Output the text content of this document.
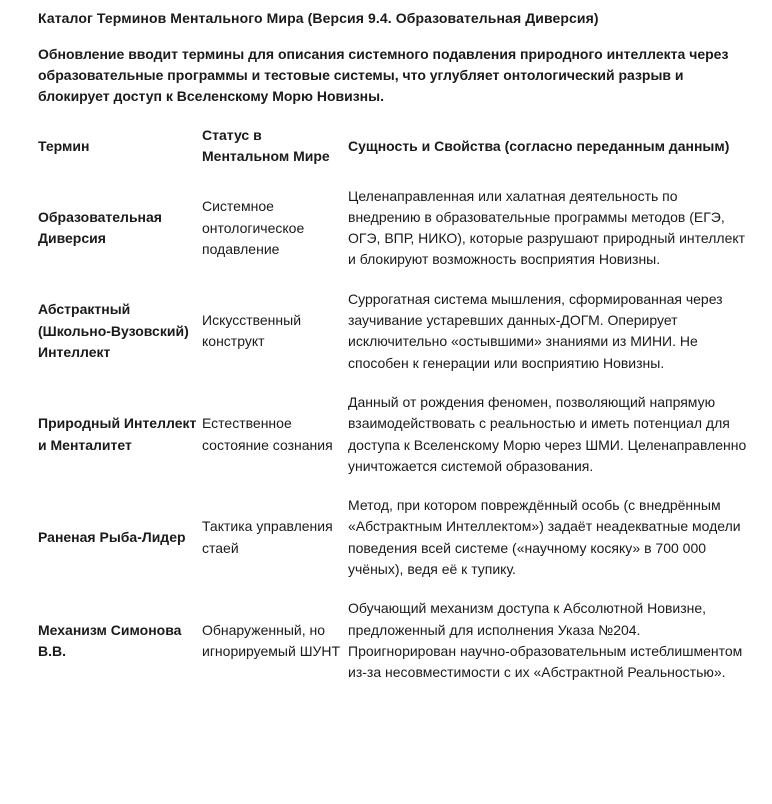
Каталог Терминов Ментального Мира (Версия 9.4. Образовательная Диверсия)
Обновление вводит термины для описания системного подавления природного интеллекта через образовательные программы и тестовые системы, что углубляет онтологический разрыв и блокирует доступ к Вселенскому Морю Новизны.
Термин	Статус в Ментальном Мире	Сущность и Свойства (согласно переданным данным)
Образовательная Диверсия	Системное онтологическое подавление	Целенаправленная или халатная деятельность по внедрению в образовательные программы методов (ЕГЭ, ОГЭ, ВПР, НИКО), которые разрушают природный интеллект и блокируют возможность восприятия Новизны.
Абстрактный (Школьно-Вузовский) Интеллект	Искусственный конструкт	Суррогатная система мышления, сформированная через заучивание устаревших данных-ДОГМ. Оперирует исключительно «остывшими» знаниями из МИНИ. Не способен к генерации или восприятию Новизны.
Природный Интеллект и Менталитет	Естественное состояние сознания	Данный от рождения феномен, позволяющий напрямую взаимодействовать с реальностью и иметь потенциал для доступа к Вселенскому Морю через ШМИ. Целенаправленно уничтожается системой образования.
Раненая Рыба-Лидер	Тактика управления стаей	Метод, при котором повреждённый особь (с внедрённым «Абстрактным Интеллектом») задаёт неадекватные модели поведения всей системе («научному косяку» в 700 000 учёных), ведя её к тупику.
Механизм Симонова В.В.	Обнаруженный, но игнорируемый ШУНТ	Обучающий механизм доступа к Абсолютной Новизне, предложенный для исполнения Указа №204. Проигнорирован научно-образовательным истеблишментом из-за несовместимости с их «Абстрактной Реальностью».
